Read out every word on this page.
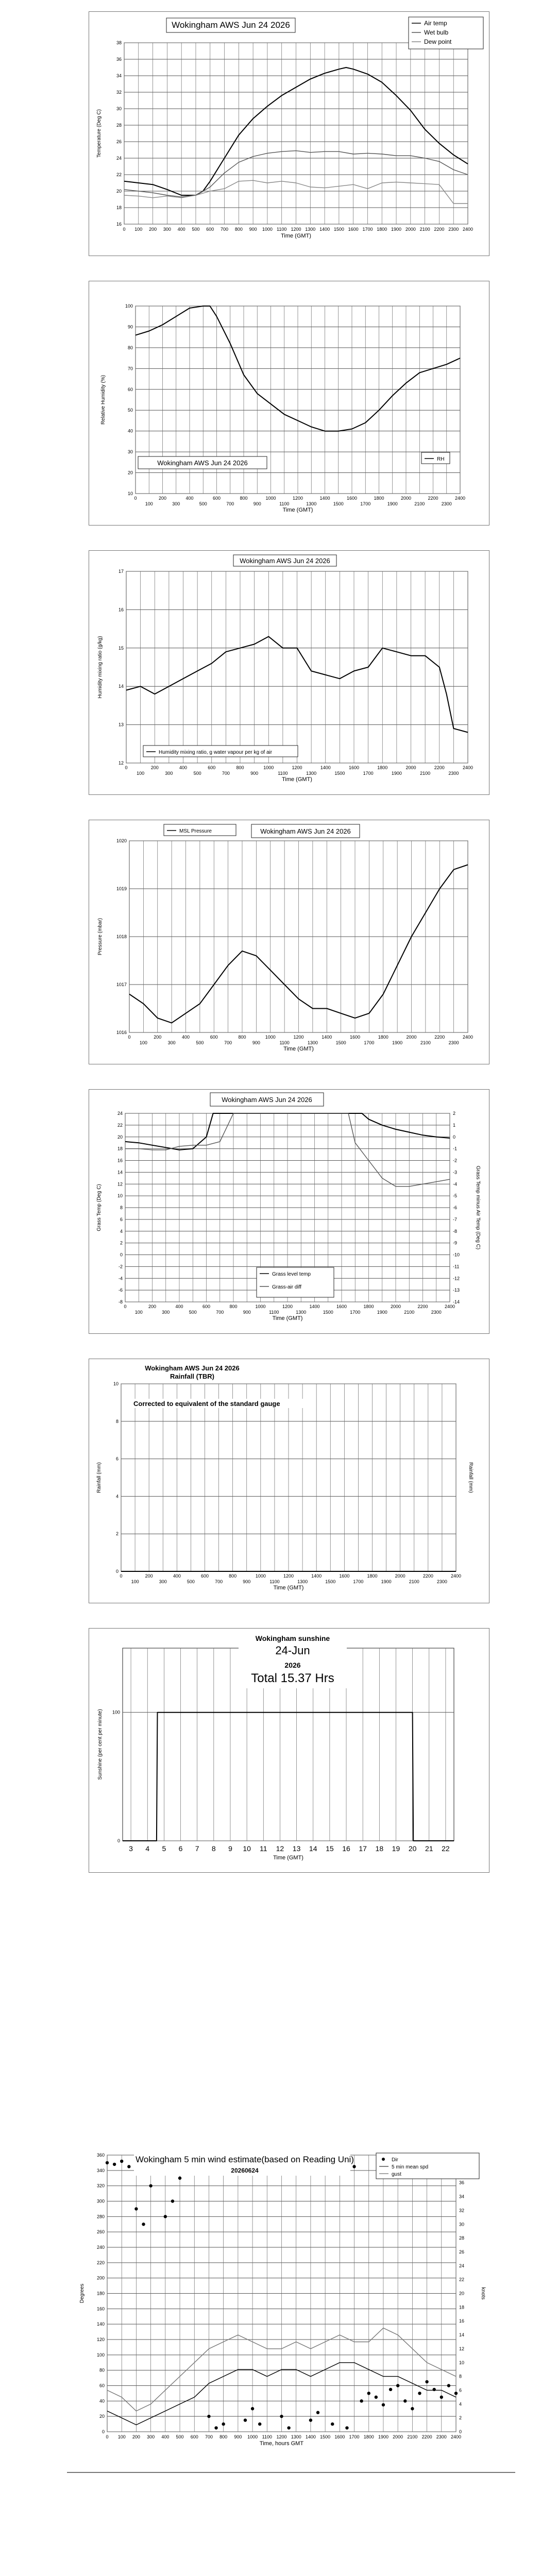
16
18
20
22
24
26
28
30
32
34
36
38
0 100 200 300 400 500 600 700 800 900 1000 1100 1200 1300 1400 1500 1600 1700 1800 1900 2000 2100 2200 2300 2400
Time (GMT)
Temperature (Deg C)
Air temp
Wet bulb
Dew point
Wokingham AWS Jun 24 2026
10
20
30
40
50
60
70
80
90
100
0	200	400	600	800	1000	1200	1400	1600	1800	2000	2200	2400
100	300	500	700	900	1100	1300	1500	1700	1900	2100	2300
Time (GMT)
Relative Humidity (%)
RH
Wokingham AWS Jun 24 2026
12
13
14
15
16
17
0	200	400	600	800	1000	1200	1400	1600	1800	2000	2200	2400
100	300	500	700	900	1100	1300	1500	1700	1900	2100	2300
Time (GMT)
Humidity mixing ratio (g/kg)
Humidity mixing ratio, g water vapour per kg of air
Wokingham AWS Jun 24 2026
1016
1017
1018
1019
1020
0	200	400	600	800	1000	1200	1400	1600	1800	2000	2200	2400
100	300	500	700	900	1100	1300	1500	1700	1900	2100	2300
Time (GMT)
Pressure (mbar)
MSL Pressure	Wokingham AWS Jun 24 2026
-8
-6
-4
-2
0
2
4
6
8
10
12
14
16
18
20
22
24
-14
-13
-12
-11
-10
-9
-8
-7
-6
-5
-4
-3
-2
-1
0
1
2
0	200	400	600	800	1000	1200	1400	1600	1800	2000	2200	2400
100	300	500	700	900	1100	1300	1500	1700	1900	2100	2300
Time (GMT)
Grass Temp (Deg C)	Grass Temp minus Air Temp (Deg C)
Grass level temp
Grass-air diff
Wokingham AWS Jun 24 2026
0
2
4
6
8
10
0	200	400	600	800	1000	1200	1400	1600	1800	2000	2200	2400
100	300	500	700	900	1100	1300	1500	1700	1900	2100	2300
Time (GMT)
Rainfall (mm)	Rainfall (mm)
Wokingham AWS Jun 24 2026
Rainfall (TBR)
Corrected to equivalent of the standard gauge
0
100
3 4 5 6 7 8 9 10 11 12 13 14 15 16 17 18 19 20 21 22
Time (GMT)
Sunshine (per cent per minute)
Wokingham sunshine
24-Jun
2026
Total 15.37 Hrs
0
20
40
60
80
100
120
140
160
180
200
220
240
260
280
300
320
340
360
0
2
4
6
8
10
12
14
16
18
20
22
24
26
28
30
32
34
36
0 100 200 300 400 500 600 700 800 900 1000 1100 1200 1300 1400 1500 1600 1700 1800 1900 2000 2100 2200 2300 2400
Time, hours GMT
Degrees	knots
Dir
5 min mean spd
gust
Wokingham 5 min wind estimate(based on Reading Uni)
20260624
